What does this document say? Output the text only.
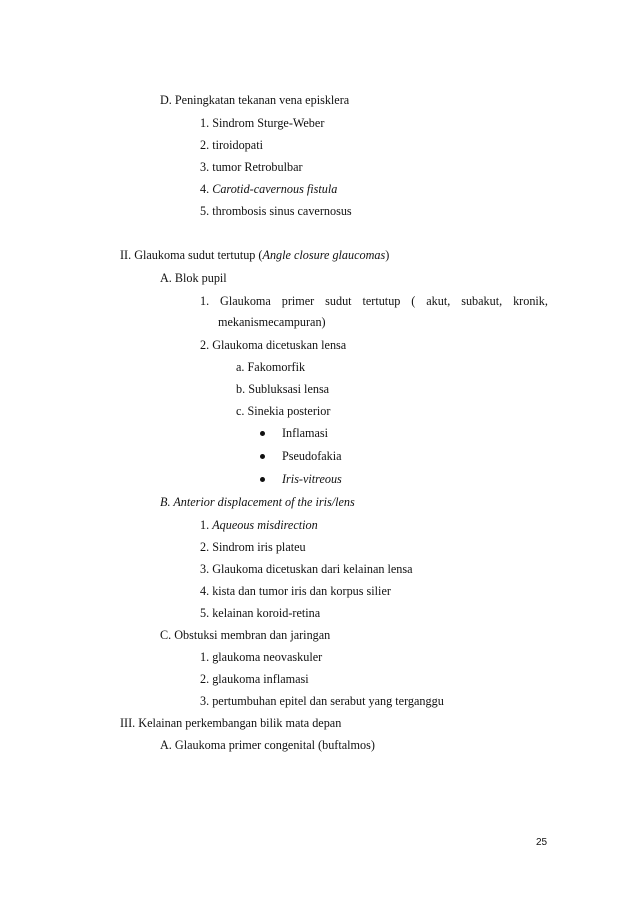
D. Peningkatan tekanan vena episklera
1. Sindrom Sturge-Weber
2. tiroidopati
3. tumor Retrobulbar
4. Carotid-cavernous fistula
5. thrombosis sinus cavernosus
II. Glaukoma sudut tertutup (Angle closure glaucomas)
A. Blok pupil
1. Glaukoma primer sudut tertutup ( akut, subakut, kronik,
mekanismecampuran)
2. Glaukoma dicetuskan lensa
a. Fakomorfik
b. Subluksasi lensa
c. Sinekia posterior
Inflamasi
Pseudofakia
Iris-vitreous
B. Anterior displacement of the iris/lens
1. Aqueous misdirection
2. Sindrom iris plateu
3. Glaukoma dicetuskan dari kelainan lensa
4. kista dan tumor iris dan korpus silier
5. kelainan koroid-retina
C. Obstuksi membran dan jaringan
1. glaukoma neovaskuler
2. glaukoma inflamasi
3. pertumbuhan epitel dan serabut yang terganggu
III. Kelainan perkembangan bilik mata depan
A. Glaukoma primer congenital (buftalmos)
25
